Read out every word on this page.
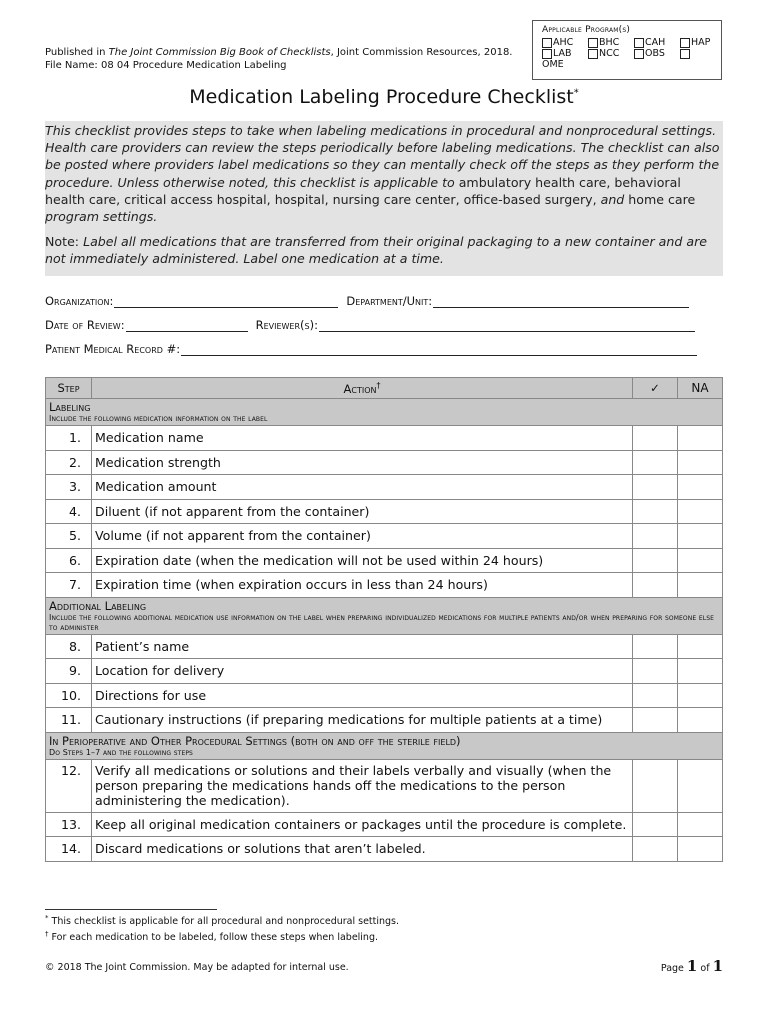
Published in The Joint Commission Big Book of Checklists, Joint Commission Resources, 2018.
File Name: 08 04 Procedure Medication Labeling
Applicable Program(s)
AHC	BHC	CAH	HAP
LAB	NCC	OBS
OME
Medication Labeling Procedure Checklist*

This checklist provides steps to take when labeling medications in procedural and nonprocedural settings. Health care providers can review the steps periodically before labeling medications. The checklist can also be posted where providers label medications so they can mentally check off the steps as they perform the procedure. Unless otherwise noted, this checklist is applicable to ambulatory health care, behavioral health care, critical access hospital, hospital, nursing care center, office-based surgery, and home care program settings.

Note: Label all medications that are transferred from their original packaging to a new container and are not immediately administered. Label one medication at a time.

Organization:	Department/Unit:
Date of Review:	Reviewer(s):
Patient Medical Record #:
Step	Action†	✓	NA

Labeling
Include the following medication information on the label			

1.	Medication name		
2.	Medication strength		
3.	Medication amount		
4.	Diluent (if not apparent from the container)		
5.	Volume (if not apparent from the container)		
6.	Expiration date (when the medication will not be used within 24 hours)		
7.	Expiration time (when expiration occurs in less than 24 hours)		

Additional Labeling
Include the following additional medication use information on the label when preparing individualized medications for multiple patients and/or when preparing for someone else to administer			

8.	Patient’s name		
9.	Location for delivery		
10.	Directions for use		
11.	Cautionary instructions (if preparing medications for multiple patients at a time)		

In Perioperative and Other Procedural Settings (both on and off the sterile field)
Do Steps 1–7 and the following steps			

12.	Verify all medications or solutions and their labels verbally and visually (when the person preparing the medications hands off the medications to the person administering the medication).		
13.	Keep all original medication containers or packages until the procedure is complete.		
14.	Discard medications or solutions that aren’t labeled.		
* This checklist is applicable for all procedural and nonprocedural settings.
† For each medication to be labeled, follow these steps when labeling.
© 2018 The Joint Commission. May be adapted for internal use.	Page 1 of 1
